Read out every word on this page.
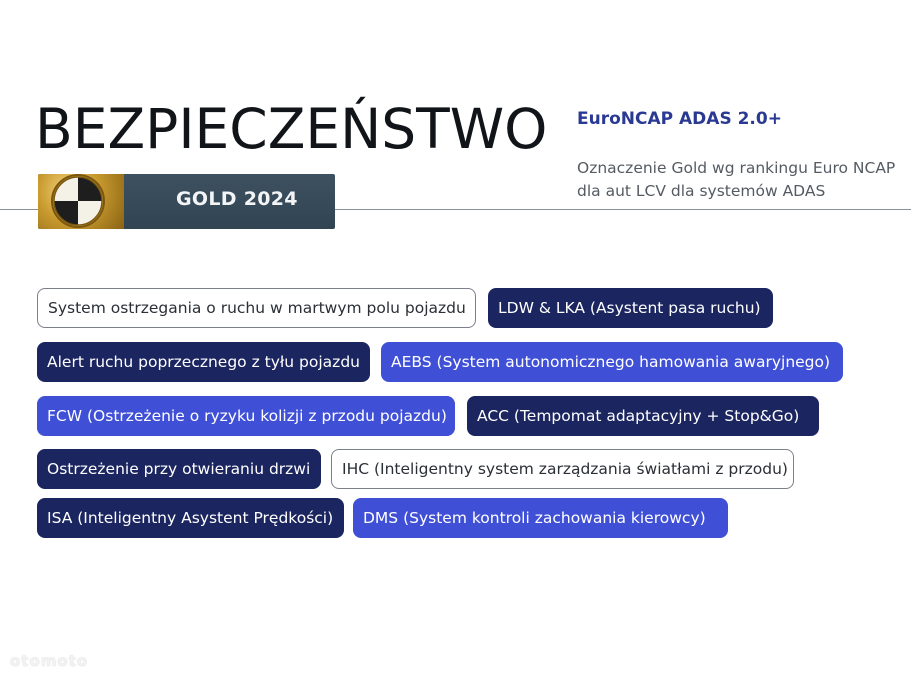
BEZPIECZEŃSTWO
GOLD 2024
EuroNCAP ADAS 2.0+
Oznaczenie Gold wg rankingu Euro NCAP
dla aut LCV dla systemów ADAS
System ostrzegania o ruchu w martwym polu pojazdu	LDW & LKA (Asystent pasa ruchu)
Alert ruchu poprzecznego z tyłu pojazdu	AEBS (System autonomicznego hamowania awaryjnego)
FCW (Ostrzeżenie o ryzyku kolizji z przodu pojazdu)	ACC (Tempomat adaptacyjny + Stop&Go)
Ostrzeżenie przy otwieraniu drzwi	IHC (Inteligentny system zarządzania światłami z przodu)
ISA (Inteligentny Asystent Prędkości)	DMS (System kontroli zachowania kierowcy)
otomoto
